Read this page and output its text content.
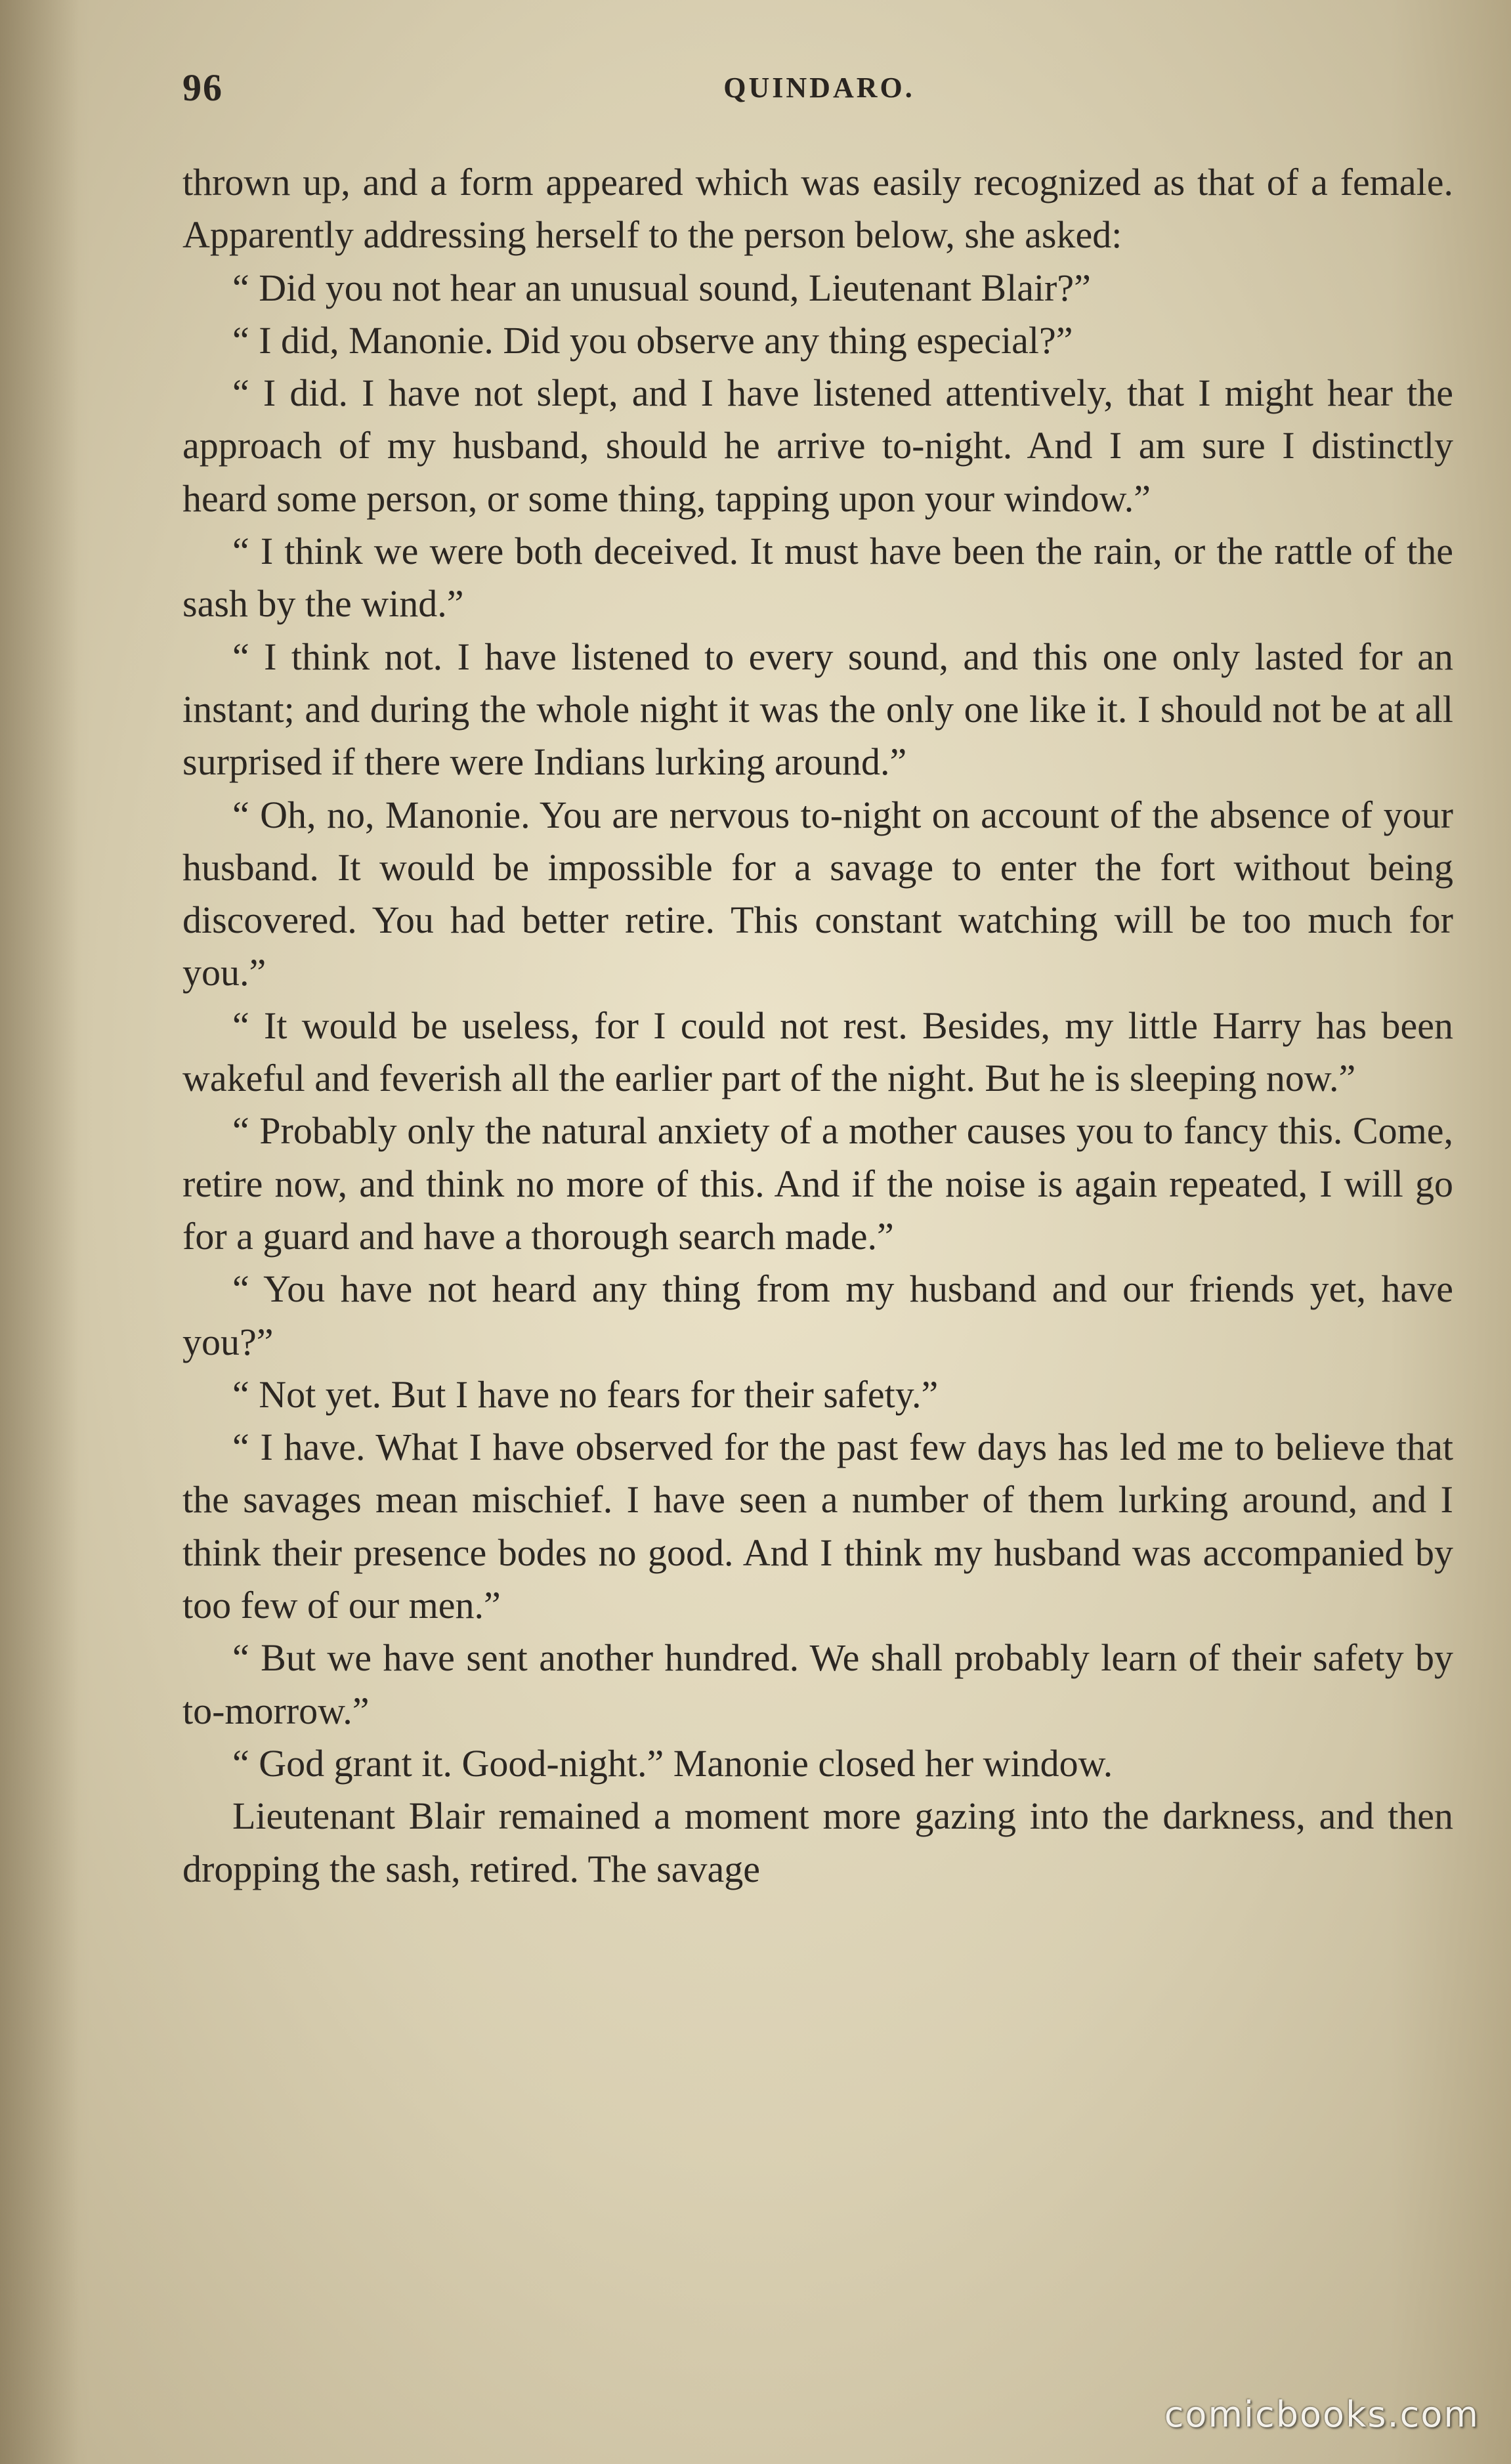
96	QUINDARO.

thrown up, and a form appeared which was easily recognized as that of a female. Apparently addressing herself to the person below, she asked:

“ Did you not hear an unusual sound, Lieutenant Blair?”

“ I did, Manonie. Did you observe any thing especial?”

“ I did. I have not slept, and I have listened attentively, that I might hear the approach of my husband, should he arrive to-night. And I am sure I distinctly heard some person, or some thing, tapping upon your window.”

“ I think we were both deceived. It must have been the rain, or the rattle of the sash by the wind.”

“ I think not. I have listened to every sound, and this one only lasted for an instant; and during the whole night it was the only one like it. I should not be at all surprised if there were Indians lurking around.”

“ Oh, no, Manonie. You are nervous to-night on account of the absence of your husband. It would be impossible for a savage to enter the fort without being discovered. You had better retire. This constant watching will be too much for you.”

“ It would be useless, for I could not rest. Besides, my little Harry has been wakeful and feverish all the earlier part of the night. But he is sleeping now.”

“ Probably only the natural anxiety of a mother causes you to fancy this. Come, retire now, and think no more of this. And if the noise is again repeated, I will go for a guard and have a thorough search made.”

“ You have not heard any thing from my husband and our friends yet, have you?”

“ Not yet. But I have no fears for their safety.”

“ I have. What I have observed for the past few days has led me to believe that the savages mean mischief. I have seen a number of them lurking around, and I think their presence bodes no good. And I think my husband was accompanied by too few of our men.”

“ But we have sent another hundred. We shall probably learn of their safety by to-morrow.”

“ God grant it. Good-night.” Manonie closed her window.

Lieutenant Blair remained a moment more gazing into the darkness, and then dropping the sash, retired. The savage

comicbooks.com
